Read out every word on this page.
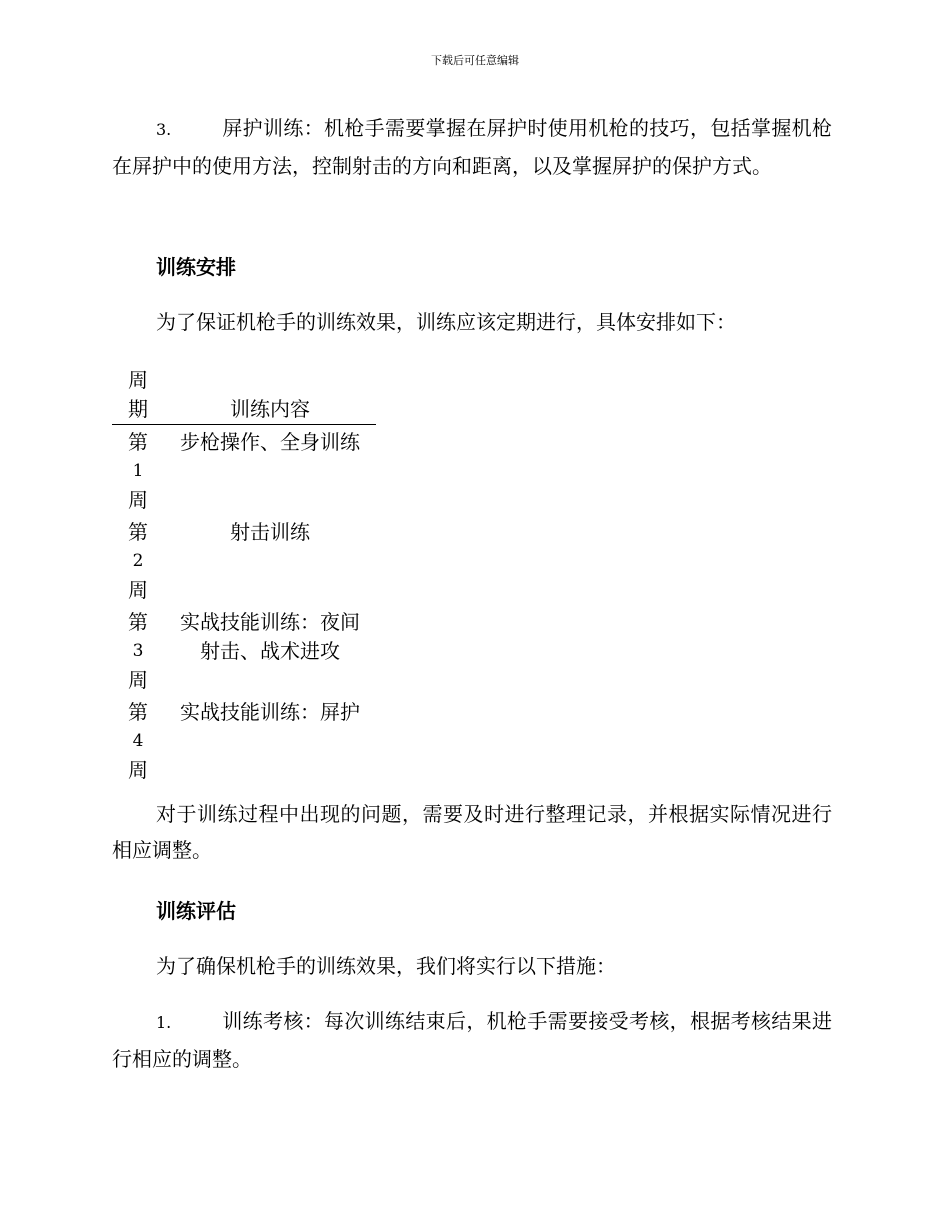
下载后可任意编辑

3.	屏护训练：机枪手需要掌握在屏护时使用机枪的技巧，包括掌握机枪在屏护中的使用方法，控制射击的方向和距离，以及掌握屏护的保护方式。

训练安排

为了保证机枪手的训练效果，训练应该定期进行，具体安排如下：

周
期	训练内容

第
1
周	步枪操作、全身训练

第
2
周	射击训练

第
3
周	实战技能训练：夜间
射击、战术进攻

第
4
周	实战技能训练：屏护

对于训练过程中出现的问题，需要及时进行整理记录，并根据实际情况进行相应调整。

训练评估

为了确保机枪手的训练效果，我们将实行以下措施：

1.	训练考核：每次训练结束后，机枪手需要接受考核，根据考核结果进行相应的调整。
